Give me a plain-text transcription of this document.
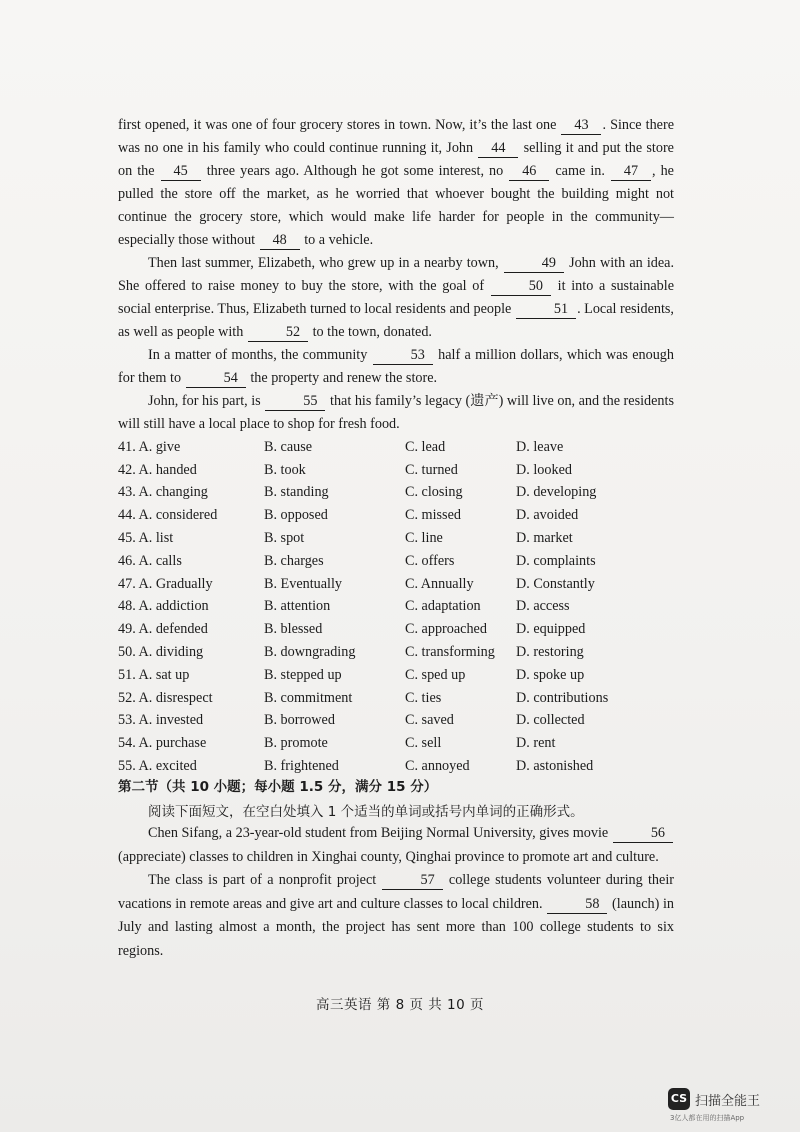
first opened, it was one of four grocery stores in town. Now, it’s the last one 43 . Since there was no one in his family who could continue running it, John 44 selling it and put the store on the 45 three years ago. Although he got some interest, no 46 came in. 47 , he pulled the store off the market, as he worried that whoever bought the building might not continue the grocery store, which would make life harder for people in the community—especially those without 48 to a vehicle.

Then last summer, Elizabeth, who grew up in a nearby town,	49 John with an idea. She offered to raise money to buy the store, with the goal of	50 it into a sustainable social enterprise. Thus, Elizabeth turned to local residents and people	51 . Local residents, as well as people with	52 to the town, donated.

In a matter of months, the community	53 half a million dollars, which was enough for them to	54 the property and renew the store.

John, for his part, is	55 that his family’s legacy (遗产) will live on, and the residents will still have a local place to shop for fresh food.

41. A. give	B. cause	C. lead	D. leave
42. A. handed	B. took	C. turned	D. looked
43. A. changing	B. standing	C. closing	D. developing
44. A. considered	B. opposed	C. missed	D. avoided
45. A. list	B. spot	C. line	D. market
46. A. calls	B. charges	C. offers	D. complaints
47. A. Gradually	B. Eventually	C. Annually	D. Constantly
48. A. addiction	B. attention	C. adaptation	D. access
49. A. defended	B. blessed	C. approached	D. equipped
50. A. dividing	B. downgrading	C. transforming	D. restoring
51. A. sat up	B. stepped up	C. sped up	D. spoke up
52. A. disrespect	B. commitment	C. ties	D. contributions
53. A. invested	B. borrowed	C. saved	D. collected
54. A. purchase	B. promote	C. sell	D. rent
55. A. excited	B. frightened	C. annoyed	D. astonished
第二节（共 10 小题；每小题 1.5 分，满分 15 分）
阅读下面短文，在空白处填入 1 个适当的单词或括号内单词的正确形式。

Chen Sifang, a 23-year-old student from Beijing Normal University, gives movie	56 (appreciate) classes to children in Xinghai county, Qinghai province to promote art and culture.

The class is part of a nonprofit project	57 college students volunteer during their vacations in remote areas and give art and culture classes to local children.	58 (launch) in July and lasting almost a month, the project has sent more than 100 college students to six regions.

高三英语 第 8 页 共 10 页
CS 扫描全能王
3亿人都在用的扫描App
